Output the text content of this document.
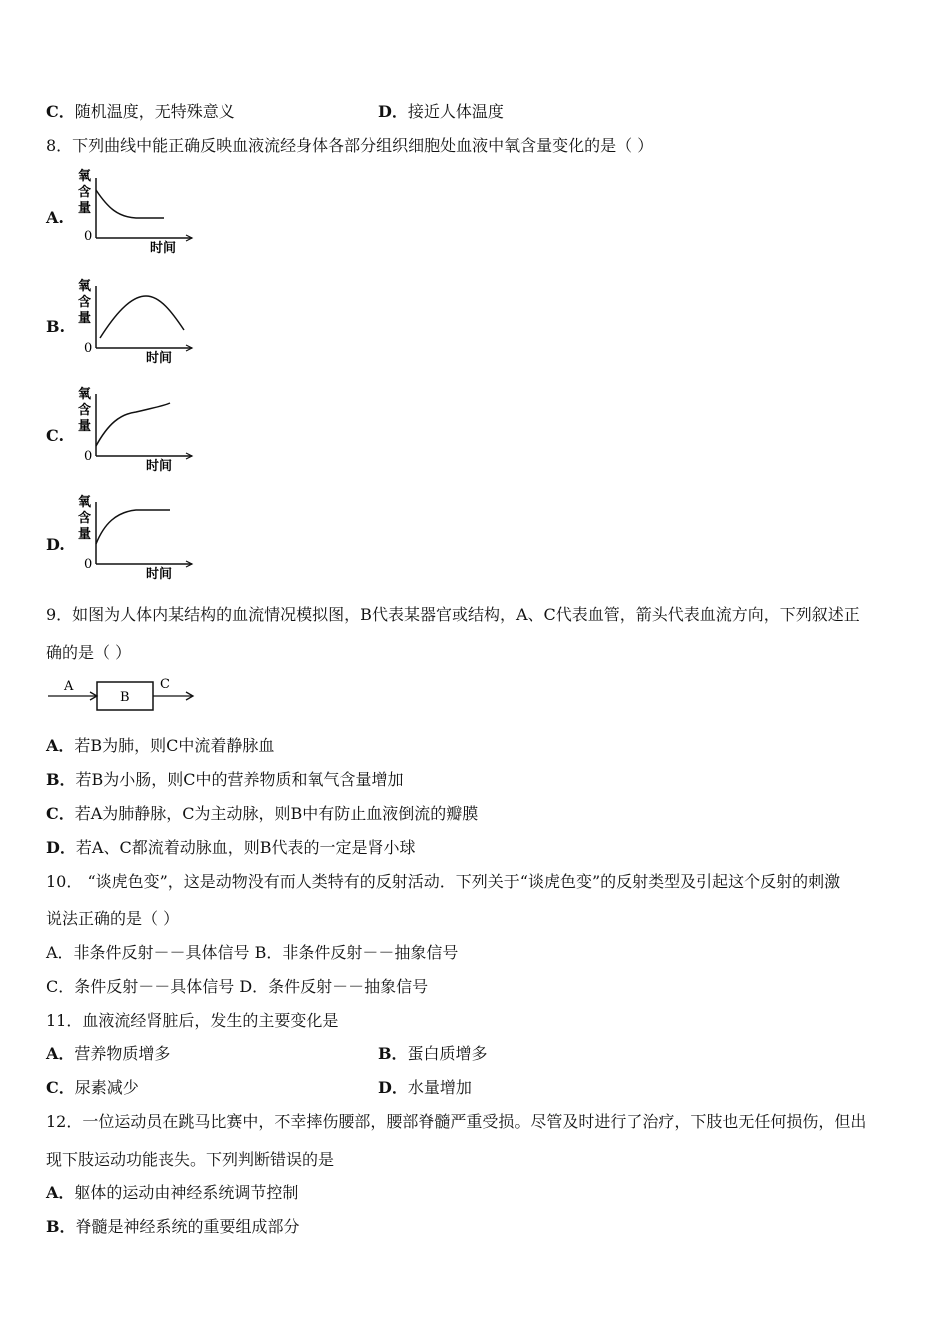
C．随机温度，无特殊意义	D．接近人体温度
8．下列曲线中能正确反映血液流经身体各部分组织细胞处血液中氧含量变化的是（ ）
A.
氧
含
量
0
时间
B.
氧
含
量
0
时间
C.
氧
含
量
0
时间
D.
氧
含
量
0
时间
9．如图为人体内某结构的血流情况模拟图，B代表某器官或结构，A、C代表血管，箭头代表血流方向，下列叙述正
确的是（ ）
A
B
C
A．若B为肺，则C中流着静脉血
B．若B为小肠，则C中的营养物质和氧气含量增加
C．若A为肺静脉，C为主动脉，则B中有防止血液倒流的瓣膜
D．若A、C都流着动脉血，则B代表的一定是肾小球
10． “谈虎色变”，这是动物没有而人类特有的反射活动．下列关于“谈虎色变”的反射类型及引起这个反射的刺激
说法正确的是（ ）
A．非条件反射－－具体信号 B．非条件反射－－抽象信号
C．条件反射－－具体信号 D．条件反射－－抽象信号
11．血液流经肾脏后，发生的主要变化是
A．营养物质增多	B．蛋白质增多
C．尿素减少	D．水量增加
12．一位运动员在跳马比赛中，不幸摔伤腰部，腰部脊髓严重受损。尽管及时进行了治疗，下肢也无任何损伤，但出
现下肢运动功能丧失。下列判断错误的是
A．躯体的运动由神经系统调节控制
B．脊髓是神经系统的重要组成部分
